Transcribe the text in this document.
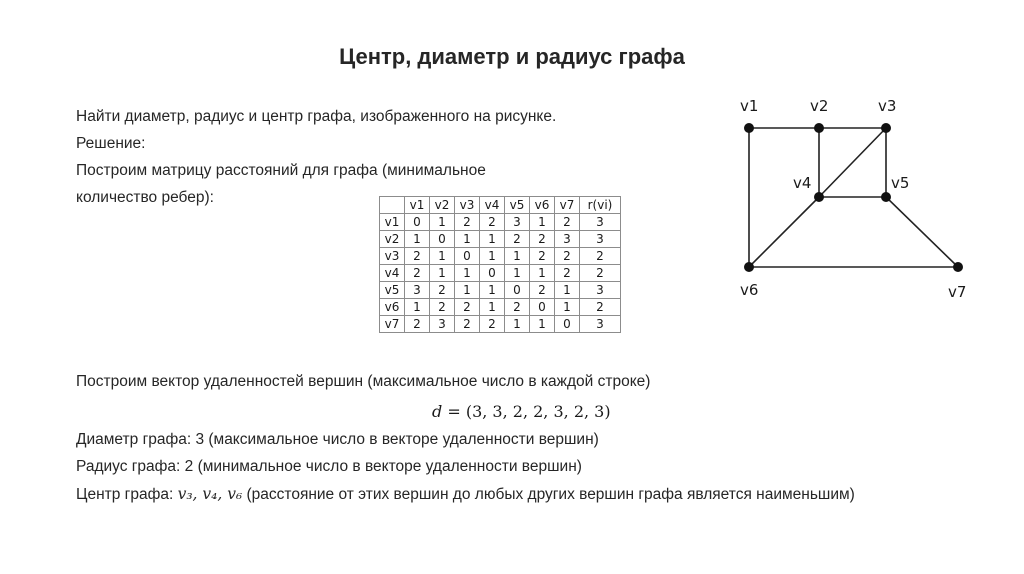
Центр, диаметр и радиус графа
Найти диаметр, радиус и центр графа, изображенного на рисунке.
Решение:
Построим матрицу расстояний для графа (минимальное
количество ребер):
		v1	v2	v3	v4	v5	v6	v7	r(vi)
v1	0	1	2	2	3	1	2	3
v2	1	0	1	1	2	2	3	3
v3	2	1	0	1	1	2	2	2
v4	2	1	1	0	1	1	2	2
v5	3	2	1	1	0	2	1	3
v6	1	2	2	1	2	0	1	2
v7	2	3	2	2	1	1	0	3
v1	v2	v3
v4	v5
v6	v7
Построим вектор удаленностей вершин (максимальное число в каждой строке)
d = (3, 3, 2, 2, 3, 2, 3)
Диаметр графа: 3 (максимальное число в векторе удаленности вершин)
Радиус графа: 2 (минимальное число в векторе удаленности вершин)
Центр графа: v₃, v₄, v₆ (расстояние от этих вершин до любых других вершин графа является наименьшим)
